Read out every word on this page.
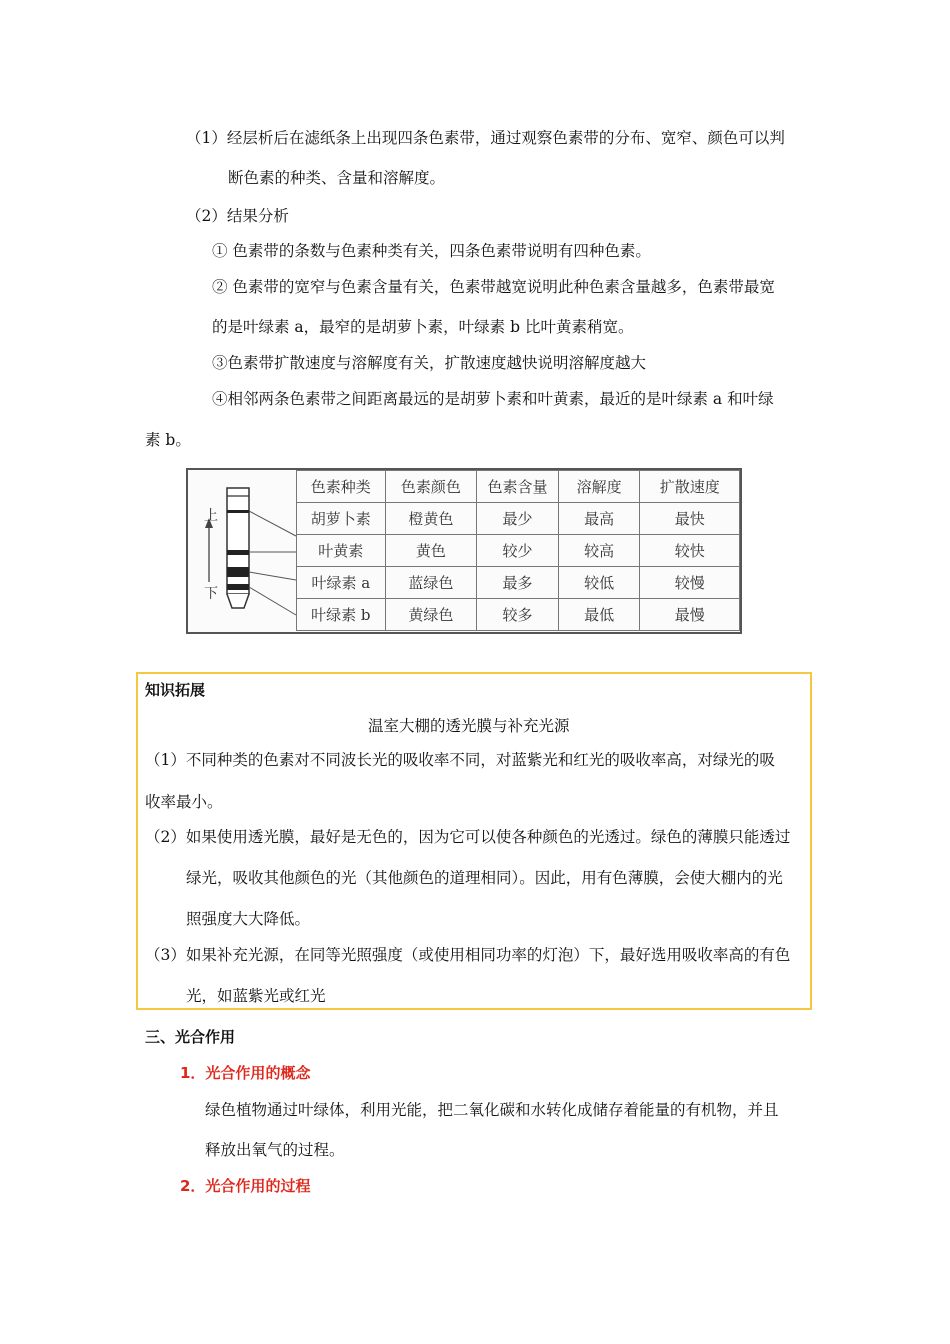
（1）经层析后在滤纸条上出现四条色素带，通过观察色素带的分布、宽窄、颜色可以判
断色素的种类、含量和溶解度。
（2）结果分析
① 色素带的条数与色素种类有关，四条色素带说明有四种色素。
② 色素带的宽窄与色素含量有关，色素带越宽说明此种色素含量越多，色素带最宽
的是叶绿素 a，最窄的是胡萝卜素，叶绿素 b 比叶黄素稍宽。
③色素带扩散速度与溶解度有关，扩散速度越快说明溶解度越大
④相邻两条色素带之间距离最远的是胡萝卜素和叶黄素，最近的是叶绿素 a 和叶绿
素 b。
上
下
色素种类	色素颜色	色素含量	溶解度	扩散速度
胡萝卜素	橙黄色	最少	最高	最快
叶黄素	黄色	较少	较高	较快
叶绿素 a	蓝绿色	最多	较低	较慢
叶绿素 b	黄绿色	较多	最低	最慢
知识拓展
温室大棚的透光膜与补充光源
（1）不同种类的色素对不同波长光的吸收率不同，对蓝紫光和红光的吸收率高，对绿光的吸
收率最小。
（2）如果使用透光膜，最好是无色的，因为它可以使各种颜色的光透过。绿色的薄膜只能透过
绿光，吸收其他颜色的光（其他颜色的道理相同）。因此，用有色薄膜，会使大棚内的光
照强度大大降低。
（3）如果补充光源，在同等光照强度（或使用相同功率的灯泡）下，最好选用吸收率高的有色
光，如蓝紫光或红光
三、光合作用
1．光合作用的概念
绿色植物通过叶绿体，利用光能，把二氧化碳和水转化成储存着能量的有机物，并且
释放出氧气的过程。
2．光合作用的过程
